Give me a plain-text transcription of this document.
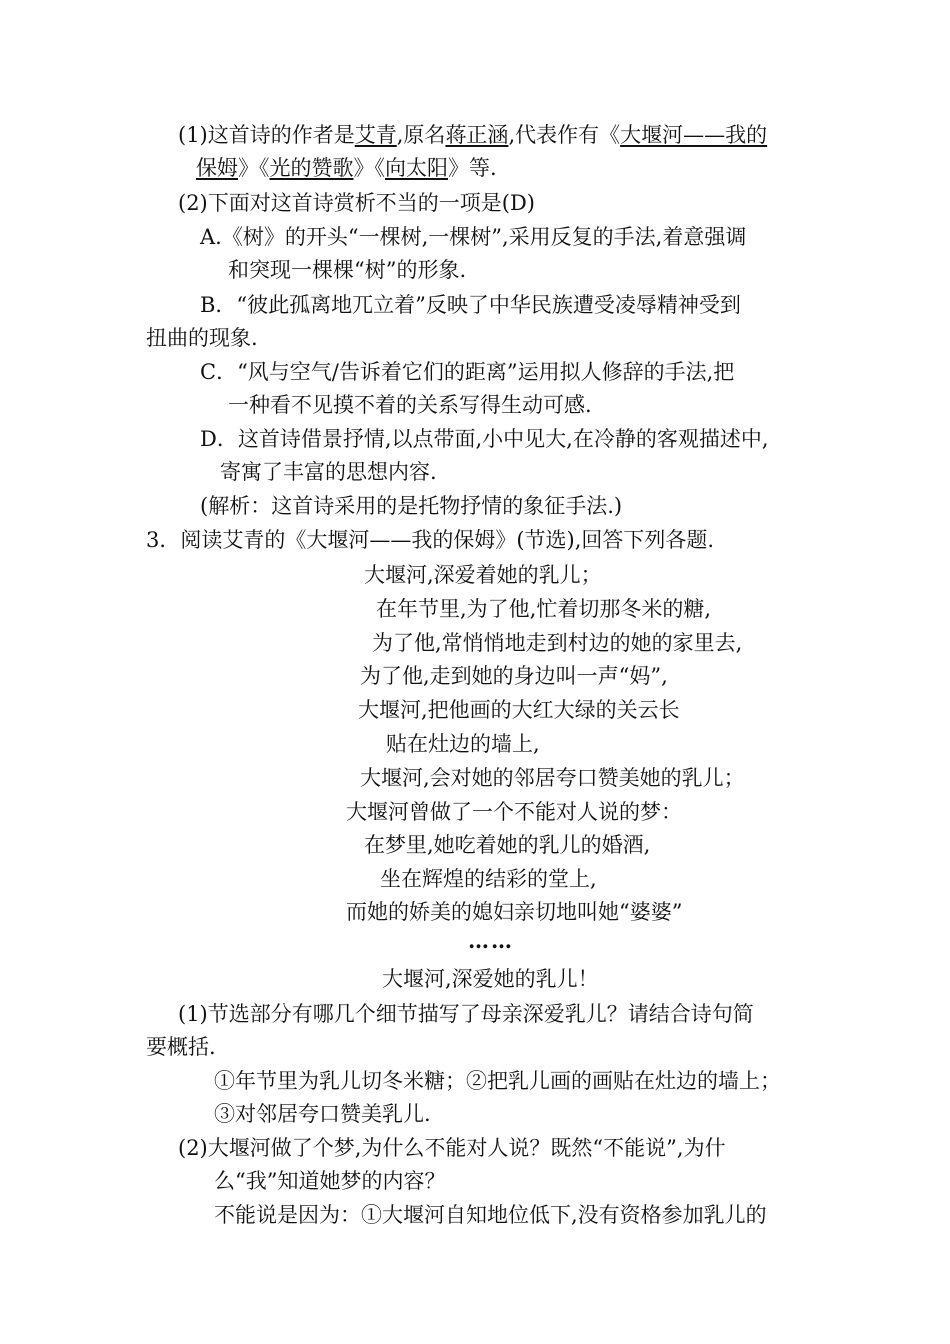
(1)这首诗的作者是艾青,原名蒋正涵,代表作有《大堰河——我的
保姆》《光的赞歌》《向太阳》等.
(2)下面对这首诗赏析不当的一项是(D)
A.《树》的开头“一棵树,一棵树”,采用反复的手法,着意强调
和突现一棵棵“树”的形象.
B．“彼此孤离地兀立着”反映了中华民族遭受凌辱精神受到
扭曲的现象.
C．“风与空气/告诉着它们的距离”运用拟人修辞的手法,把
一种看不见摸不着的关系写得生动可感.
D．这首诗借景抒情,以点带面,小中见大,在冷静的客观描述中,
寄寓了丰富的思想内容.
(解析：这首诗采用的是托物抒情的象征手法.)
3．阅读艾青的《大堰河——我的保姆》(节选),回答下列各题.
大堰河,深爱着她的乳儿；
在年节里,为了他,忙着切那冬米的糖,
为了他,常悄悄地走到村边的她的家里去,
为了他,走到她的身边叫一声“妈”,
大堰河,把他画的大红大绿的关云长
贴在灶边的墙上,
大堰河,会对她的邻居夸口赞美她的乳儿；
大堰河曾做了一个不能对人说的梦：
在梦里,她吃着她的乳儿的婚酒,
坐在辉煌的结彩的堂上,
而她的娇美的媳妇亲切地叫她“婆婆”
……
大堰河,深爱她的乳儿！
(1)节选部分有哪几个细节描写了母亲深爱乳儿？请结合诗句简
要概括.
①年节里为乳儿切冬米糖；②把乳儿画的画贴在灶边的墙上；
③对邻居夸口赞美乳儿.
(2)大堰河做了个梦,为什么不能对人说？既然“不能说”,为什
么“我”知道她梦的内容？
不能说是因为：①大堰河自知地位低下,没有资格参加乳儿的
